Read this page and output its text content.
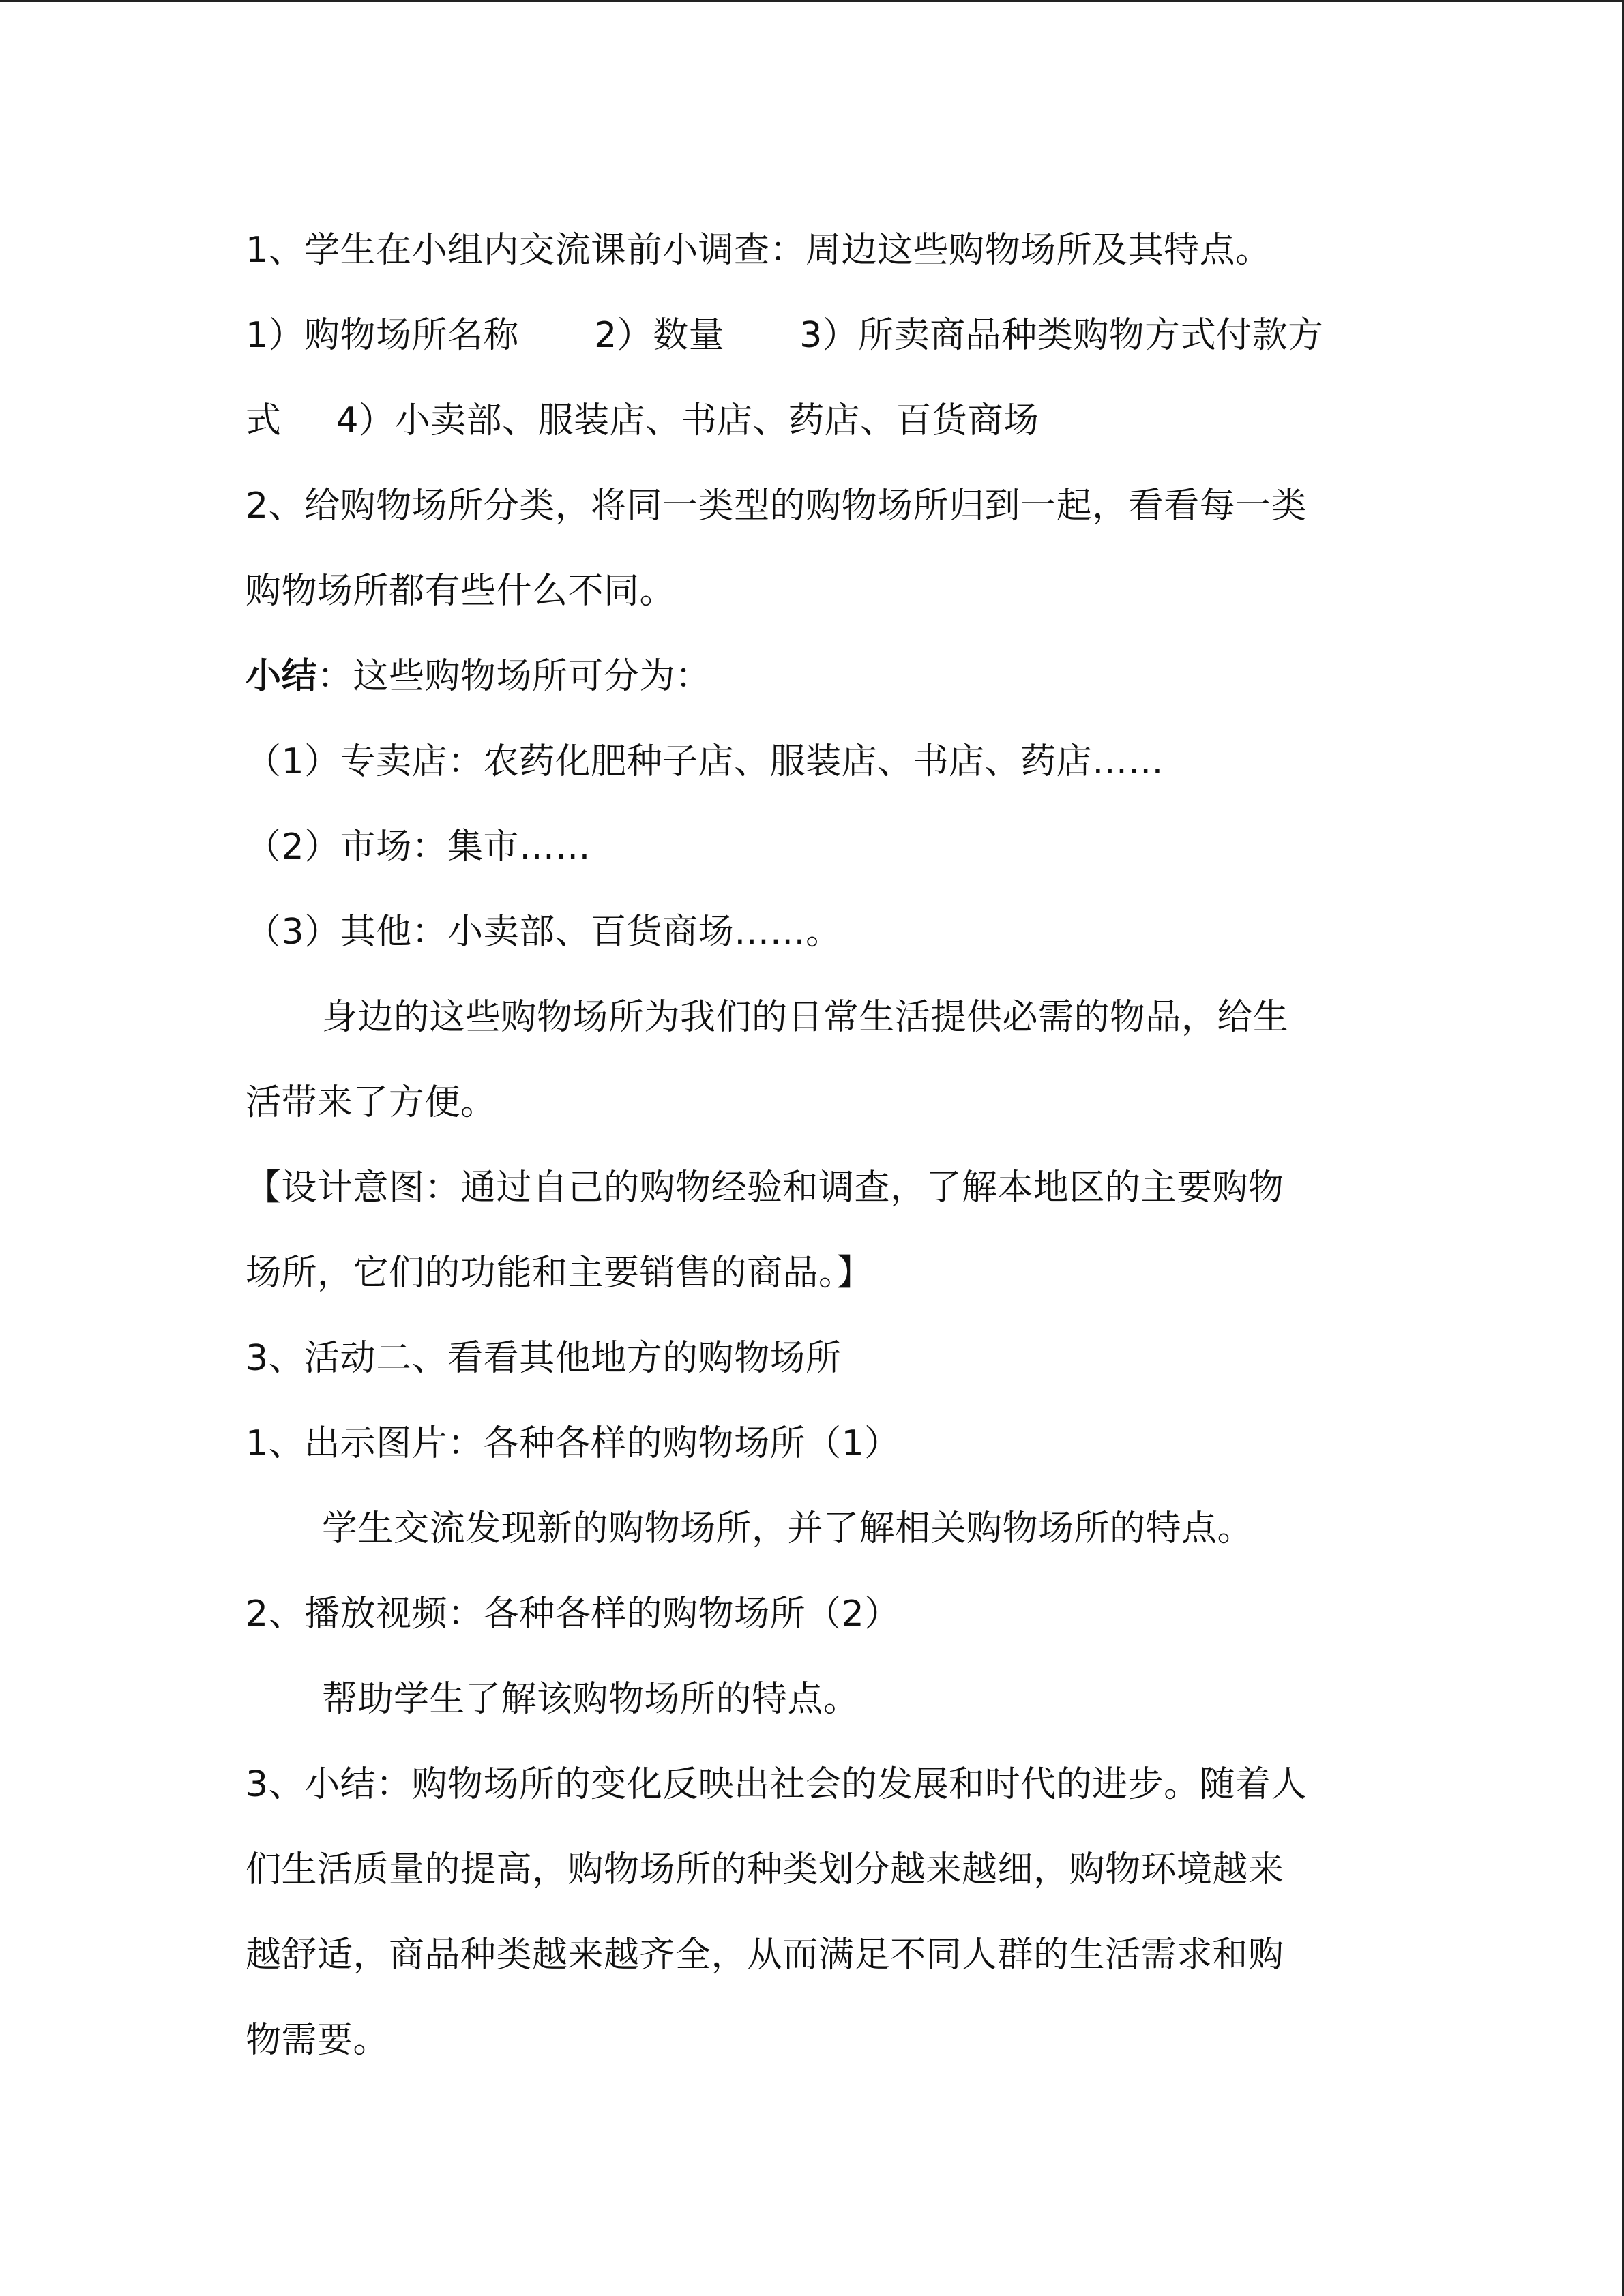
1、学生在小组内交流课前小调查：周边这些购物场所及其特点。
1）购物场所名称 2）数量 3）所卖商品种类购物方式付款方
式 4）小卖部、服装店、书店、药店、百货商场
2、给购物场所分类，将同一类型的购物场所归到一起，看看每一类
购物场所都有些什么不同。
小结：这些购物场所可分为：
（1）专卖店：农药化肥种子店、服装店、书店、药店……
（2）市场：集市……
（3）其他：小卖部、百货商场……。
身边的这些购物场所为我们的日常生活提供必需的物品，给生
活带来了方便。
【设计意图：通过自己的购物经验和调查，了解本地区的主要购物
场所，它们的功能和主要销售的商品。】
3、活动二、看看其他地方的购物场所
1、出示图片：各种各样的购物场所（1）
学生交流发现新的购物场所，并了解相关购物场所的特点。
2、播放视频：各种各样的购物场所（2）
帮助学生了解该购物场所的特点。
3、小结：购物场所的变化反映出社会的发展和时代的进步。随着人
们生活质量的提高，购物场所的种类划分越来越细，购物环境越来
越舒适，商品种类越来越齐全，从而满足不同人群的生活需求和购
物需要。
